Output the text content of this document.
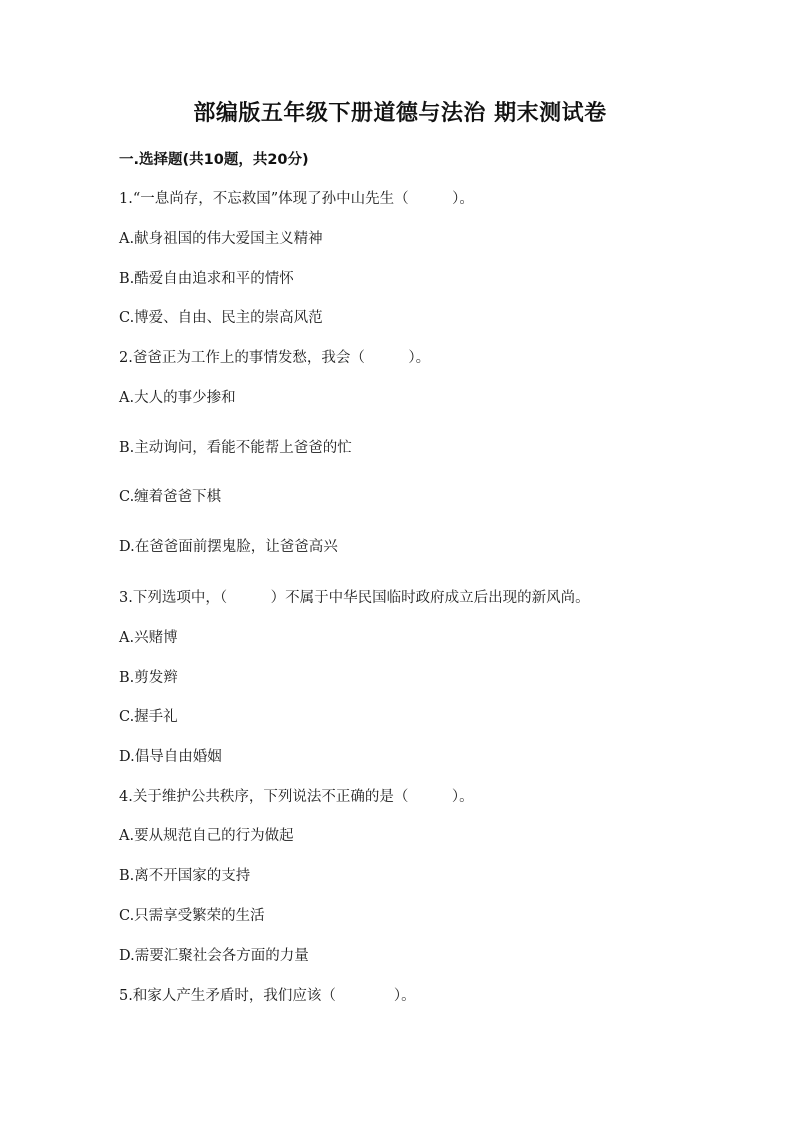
部编版五年级下册道德与法治 期末测试卷
一.选择题(共10题，共20分)
1.“一息尚存，不忘救国”体现了孙中山先生（　　　）。
A.献身祖国的伟大爱国主义精神
B.酷爱自由追求和平的情怀
C.博爱、自由、民主的崇高风范
2.爸爸正为工作上的事情发愁，我会（　　　）。
A.大人的事少掺和
B.主动询问，看能不能帮上爸爸的忙
C.缠着爸爸下棋
D.在爸爸面前摆鬼脸，让爸爸高兴
3.下列选项中，（　　　）不属于中华民国临时政府成立后出现的新风尚。
A.兴赌博
B.剪发辫
C.握手礼
D.倡导自由婚姻
4.关于维护公共秩序，下列说法不正确的是（　　　）。
A.要从规范自己的行为做起
B.离不开国家的支持
C.只需享受繁荣的生活
D.需要汇聚社会各方面的力量
5.和家人产生矛盾时，我们应该（　　　　）。
